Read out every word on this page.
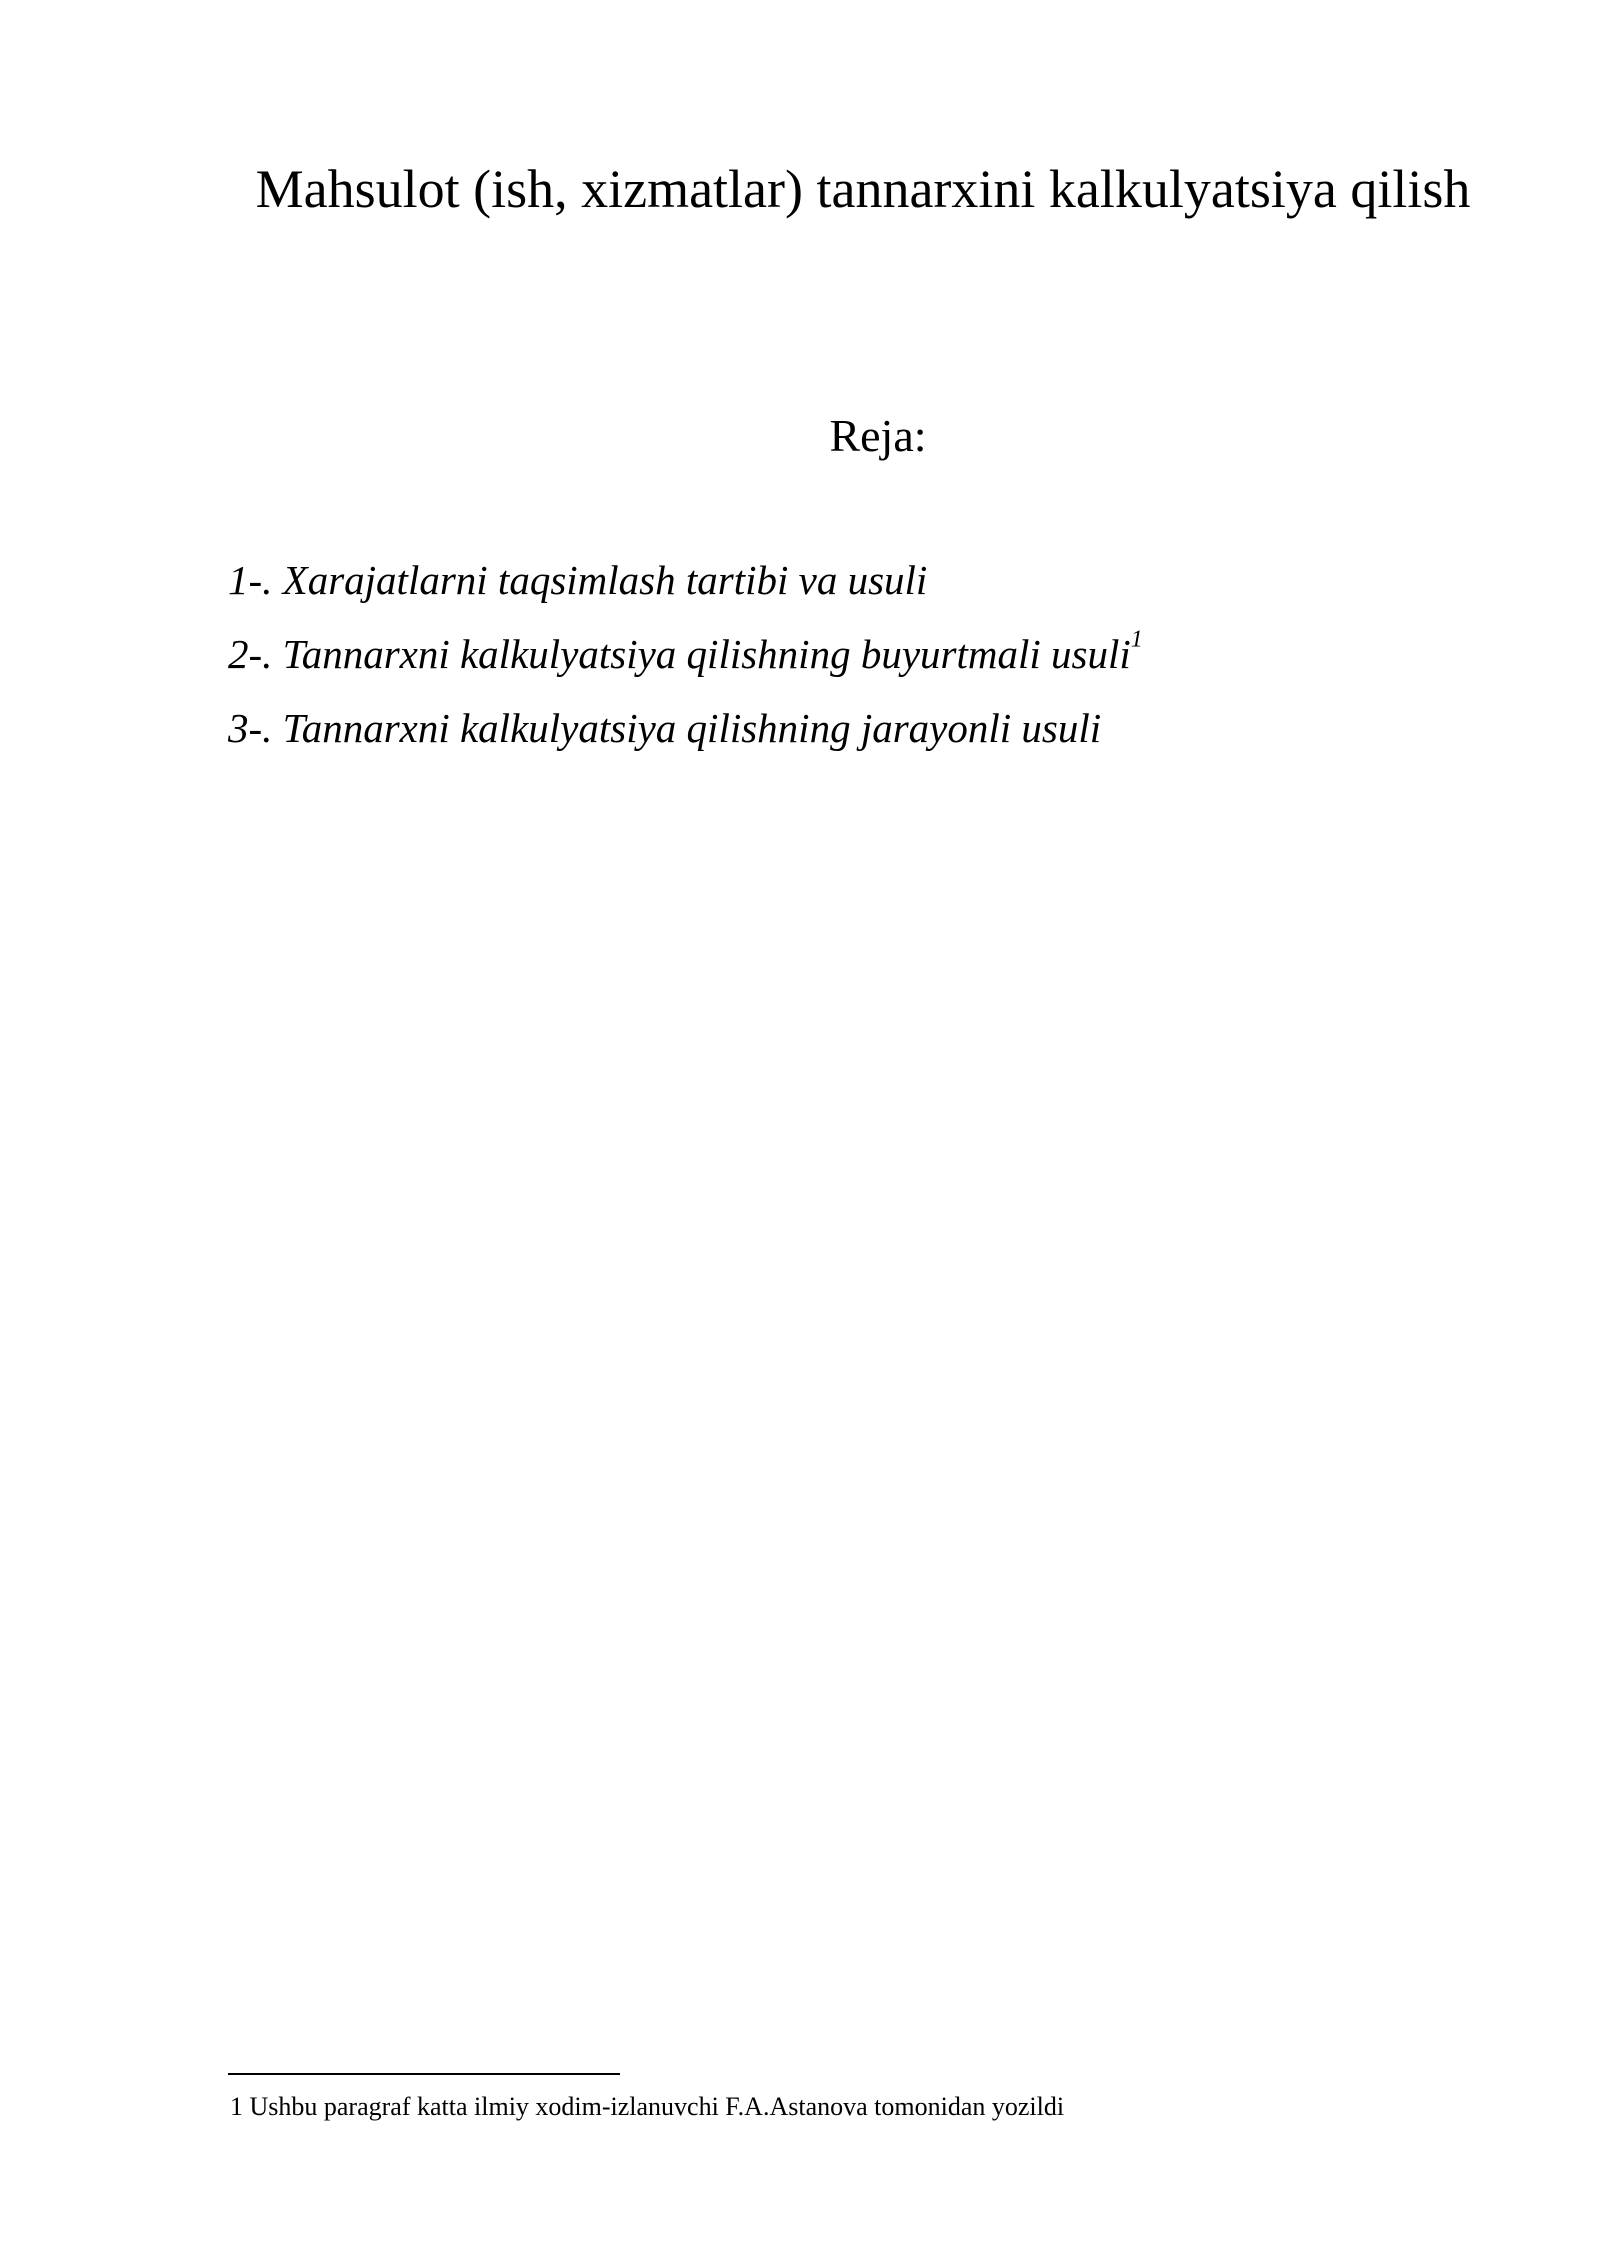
Mahsulot (ish, xizmatlar) tannarxini kalkulyatsiya qilish
Reja:
1-. Xarajatlarni taqsimlash tartibi va usuli
2-. Tannarxni kalkulyatsiya qilishning buyurtmali usuli$^1$
3-. Tannarxni kalkulyatsiya qilishning jarayonli usuli
1 Ushbu paragraf katta ilmiy xodim-izlanuvchi F.A.Astanova tomonidan yozildi
